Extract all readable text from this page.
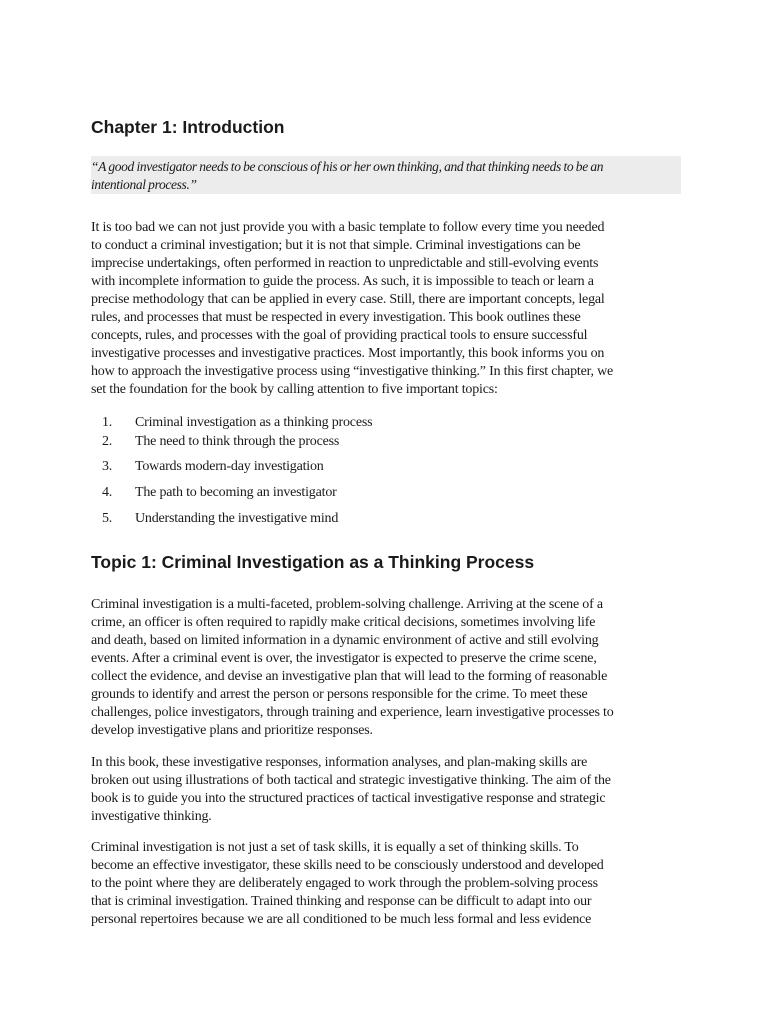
Chapter 1: Introduction
“A good investigator needs to be conscious of his or her own thinking, and that thinking needs to be an
intentional process.”

It is too bad we can not just provide you with a basic template to follow every time you needed
to conduct a criminal investigation; but it is not that simple. Criminal investigations can be
imprecise undertakings, often performed in reaction to unpredictable and still-evolving events
with incomplete information to guide the process. As such, it is impossible to teach or learn a
precise methodology that can be applied in every case. Still, there are important concepts, legal
rules, and processes that must be respected in every investigation. This book outlines these
concepts, rules, and processes with the goal of providing practical tools to ensure successful
investigative processes and investigative practices. Most importantly, this book informs you on
how to approach the investigative process using “investigative thinking.” In this first chapter, we
set the foundation for the book by calling attention to five important topics:

1. Criminal investigation as a thinking process
2. The need to think through the process
3. Towards modern-day investigation
4. The path to becoming an investigator
5. Understanding the investigative mind
Topic 1: Criminal Investigation as a Thinking Process

Criminal investigation is a multi-faceted, problem-solving challenge. Arriving at the scene of a
crime, an officer is often required to rapidly make critical decisions, sometimes involving life
and death, based on limited information in a dynamic environment of active and still evolving
events. After a criminal event is over, the investigator is expected to preserve the crime scene,
collect the evidence, and devise an investigative plan that will lead to the forming of reasonable
grounds to identify and arrest the person or persons responsible for the crime. To meet these
challenges, police investigators, through training and experience, learn investigative processes to
develop investigative plans and prioritize responses.

In this book, these investigative responses, information analyses, and plan-making skills are
broken out using illustrations of both tactical and strategic investigative thinking. The aim of the
book is to guide you into the structured practices of tactical investigative response and strategic
investigative thinking.

Criminal investigation is not just a set of task skills, it is equally a set of thinking skills. To
become an effective investigator, these skills need to be consciously understood and developed
to the point where they are deliberately engaged to work through the problem-solving process
that is criminal investigation. Trained thinking and response can be difficult to adapt into our
personal repertoires because we are all conditioned to be much less formal and less evidence
